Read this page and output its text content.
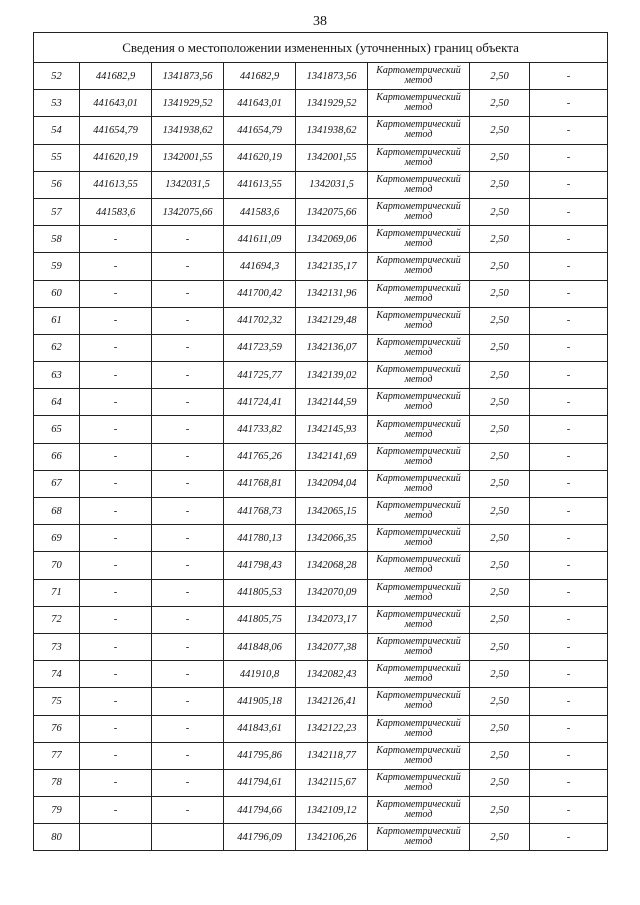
38
Сведения о местоположении измененных (уточненных) границ объекта							
52	441682,9	1341873,56	441682,9	1341873,56	Картометрический
метод	2,50	-
53	441643,01	1341929,52	441643,01	1341929,52	Картометрический
метод	2,50	-
54	441654,79	1341938,62	441654,79	1341938,62	Картометрический
метод	2,50	-
55	441620,19	1342001,55	441620,19	1342001,55	Картометрический
метод	2,50	-
56	441613,55	1342031,5	441613,55	1342031,5	Картометрический
метод	2,50	-
57	441583,6	1342075,66	441583,6	1342075,66	Картометрический
метод	2,50	-
58	-	-	441611,09	1342069,06	Картометрический
метод	2,50	-
59	-	-	441694,3	1342135,17	Картометрический
метод	2,50	-
60	-	-	441700,42	1342131,96	Картометрический
метод	2,50	-
61	-	-	441702,32	1342129,48	Картометрический
метод	2,50	-
62	-	-	441723,59	1342136,07	Картометрический
метод	2,50	-
63	-	-	441725,77	1342139,02	Картометрический
метод	2,50	-
64	-	-	441724,41	1342144,59	Картометрический
метод	2,50	-
65	-	-	441733,82	1342145,93	Картометрический
метод	2,50	-
66	-	-	441765,26	1342141,69	Картометрический
метод	2,50	-
67	-	-	441768,81	1342094,04	Картометрический
метод	2,50	-
68	-	-	441768,73	1342065,15	Картометрический
метод	2,50	-
69	-	-	441780,13	1342066,35	Картометрический
метод	2,50	-
70	-	-	441798,43	1342068,28	Картометрический
метод	2,50	-
71	-	-	441805,53	1342070,09	Картометрический
метод	2,50	-
72	-	-	441805,75	1342073,17	Картометрический
метод	2,50	-
73	-	-	441848,06	1342077,38	Картометрический
метод	2,50	-
74	-	-	441910,8	1342082,43	Картометрический
метод	2,50	-
75	-	-	441905,18	1342126,41	Картометрический
метод	2,50	-
76	-	-	441843,61	1342122,23	Картометрический
метод	2,50	-
77	-	-	441795,86	1342118,77	Картометрический
метод	2,50	-
78	-	-	441794,61	1342115,67	Картометрический
метод	2,50	-
79	-	-	441794,66	1342109,12	Картометрический
метод	2,50	-
80			441796,09	1342106,26	Картометрический
метод	2,50	-
